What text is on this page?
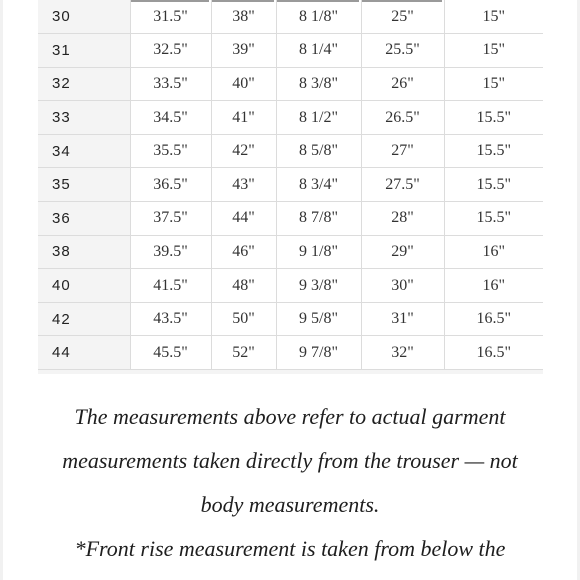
30	31.5"	38"	8 1/8"	25"	15"
31	32.5"	39"	8 1/4"	25.5"	15"
32	33.5"	40"	8 3/8"	26"	15"
33	34.5"	41"	8 1/2"	26.5"	15.5"
34	35.5"	42"	8 5/8"	27"	15.5"
35	36.5"	43"	8 3/4"	27.5"	15.5"
36	37.5"	44"	8 7/8"	28"	15.5"
38	39.5"	46"	9 1/8"	29"	16"
40	41.5"	48"	9 3/8"	30"	16"
42	43.5"	50"	9 5/8"	31"	16.5"
44	45.5"	52"	9 7/8"	32"	16.5"

The measurements above refer to actual garment
measurements taken directly from the trouser — not
body measurements.
*Front rise measurement is taken from below the
